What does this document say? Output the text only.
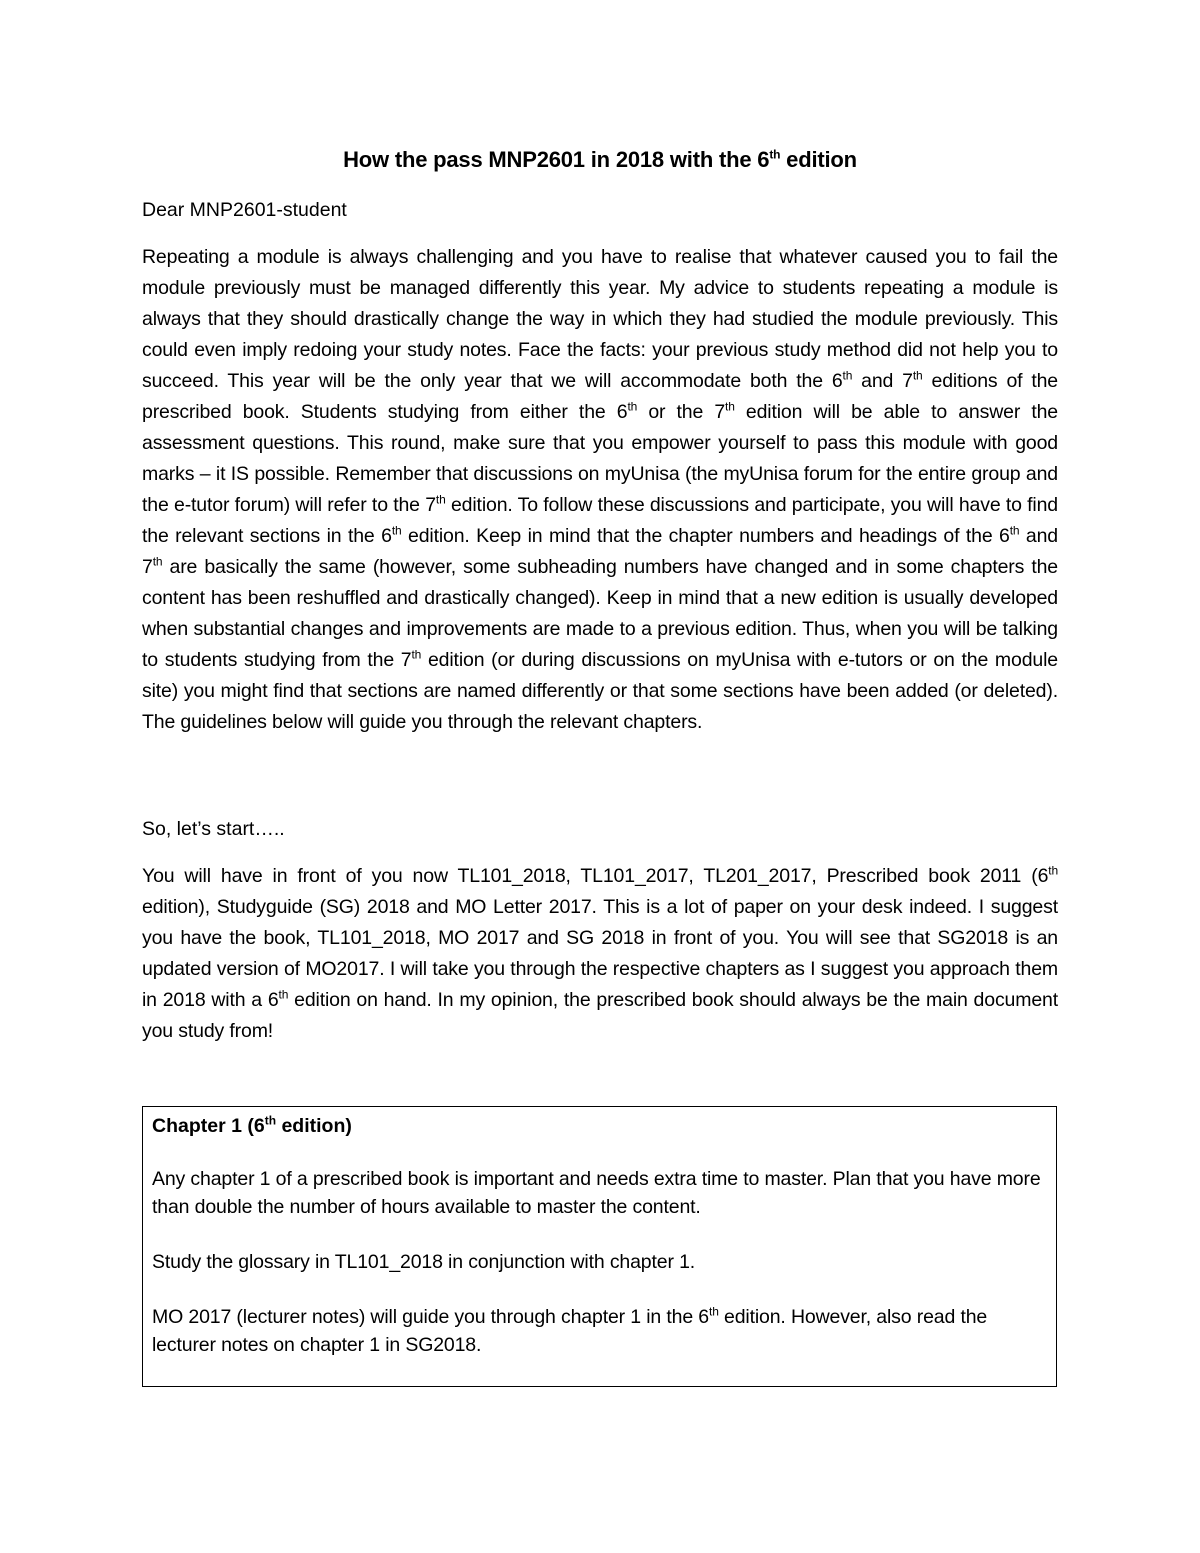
How the pass MNP2601 in 2018 with the 6th edition
Dear MNP2601-student
Repeating a module is always challenging and you have to realise that whatever caused you to fail the module previously must be managed differently this year. My advice to students repeating a module is always that they should drastically change the way in which they had studied the module previously. This could even imply redoing your study notes. Face the facts: your previous study method did not help you to succeed. This year will be the only year that we will accommodate both the 6th and 7th editions of the prescribed book. Students studying from either the 6th or the 7th edition will be able to answer the assessment questions. This round, make sure that you empower yourself to pass this module with good marks – it IS possible. Remember that discussions on myUnisa (the myUnisa forum for the entire group and the e-tutor forum) will refer to the 7th edition. To follow these discussions and participate, you will have to find the relevant sections in the 6th edition. Keep in mind that the chapter numbers and headings of the 6th and 7th are basically the same (however, some subheading numbers have changed and in some chapters the content has been reshuffled and drastically changed). Keep in mind that a new edition is usually developed when substantial changes and improvements are made to a previous edition. Thus, when you will be talking to students studying from the 7th edition (or during discussions on myUnisa with e-tutors or on the module site) you might find that sections are named differently or that some sections have been added (or deleted). The guidelines below will guide you through the relevant chapters.
So, let’s start…..
You will have in front of you now TL101_2018, TL101_2017, TL201_2017, Prescribed book 2011 (6th edition), Studyguide (SG) 2018 and MO Letter 2017. This is a lot of paper on your desk indeed. I suggest you have the book, TL101_2018, MO 2017 and SG 2018 in front of you. You will see that SG2018 is an updated version of MO2017. I will take you through the respective chapters as I suggest you approach them in 2018 with a 6th edition on hand. In my opinion, the prescribed book should always be the main document you study from!
Chapter 1 (6th edition)
Any chapter 1 of a prescribed book is important and needs extra time to master. Plan that you have more than double the number of hours available to master the content.
Study the glossary in TL101_2018 in conjunction with chapter 1.
MO 2017 (lecturer notes) will guide you through chapter 1 in the 6th edition. However, also read the lecturer notes on chapter 1 in SG2018.
